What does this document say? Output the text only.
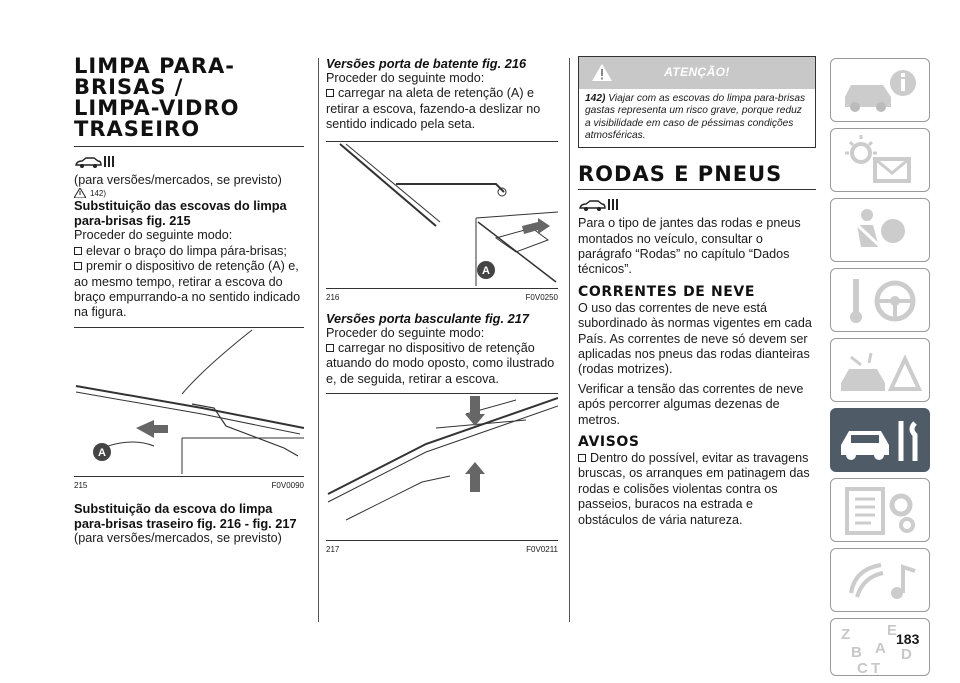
LIMPA PARA-BRISAS / LIMPA-VIDRO TRASEIRO

(para versões/mercados, se previsto)

142)
Substituição das escovas do limpa para-brisas fig. 215

Proceder do seguinte modo:

elevar o braço do limpa pára-brisas;
premir o dispositivo de retenção (A) e, ao mesmo tempo, retirar a escova do braço empurrando-a no sentido indicado na figura.
A
215	F0V0090
Substituição da escova do limpa para-brisas traseiro fig. 216 - fig. 217

(para versões/mercados, se previsto)

Versões porta de batente fig. 216

Proceder do seguinte modo:

carregar na aleta de retenção (A) e retirar a escova, fazendo-a deslizar no sentido indicado pela seta.
A
216	F0V0250
Versões porta basculante fig. 217

Proceder do seguinte modo:

carregar no dispositivo de retenção atuando do modo oposto, como ilustrado e, de seguida, retirar a escova.
217	F0V0211
ATENÇÃO!
142) Viajar com as escovas do limpa para-brisas gastas representa um risco grave, porque reduz a visibilidade em caso de péssimas condições atmosféricas.
RODAS E PNEUS

Para o tipo de jantes das rodas e pneus montados no veículo, consultar o parágrafo “Rodas” no capítulo “Dados técnicos”.

CORRENTES DE NEVE

O uso das correntes de neve está subordinado às normas vigentes em cada País. As correntes de neve só devem ser aplicadas nos pneus das rodas dianteiras (rodas motrizes).

Verificar a tensão das correntes de neve após percorrer algumas dezenas de metros.

AVISOS
Dentro do possível, evitar as travagens bruscas, os arranques em patinagem das rodas e colisões violentas contra os passeios, buracos na estrada e obstáculos de vária natureza.
Z E
B A D
C T
183
